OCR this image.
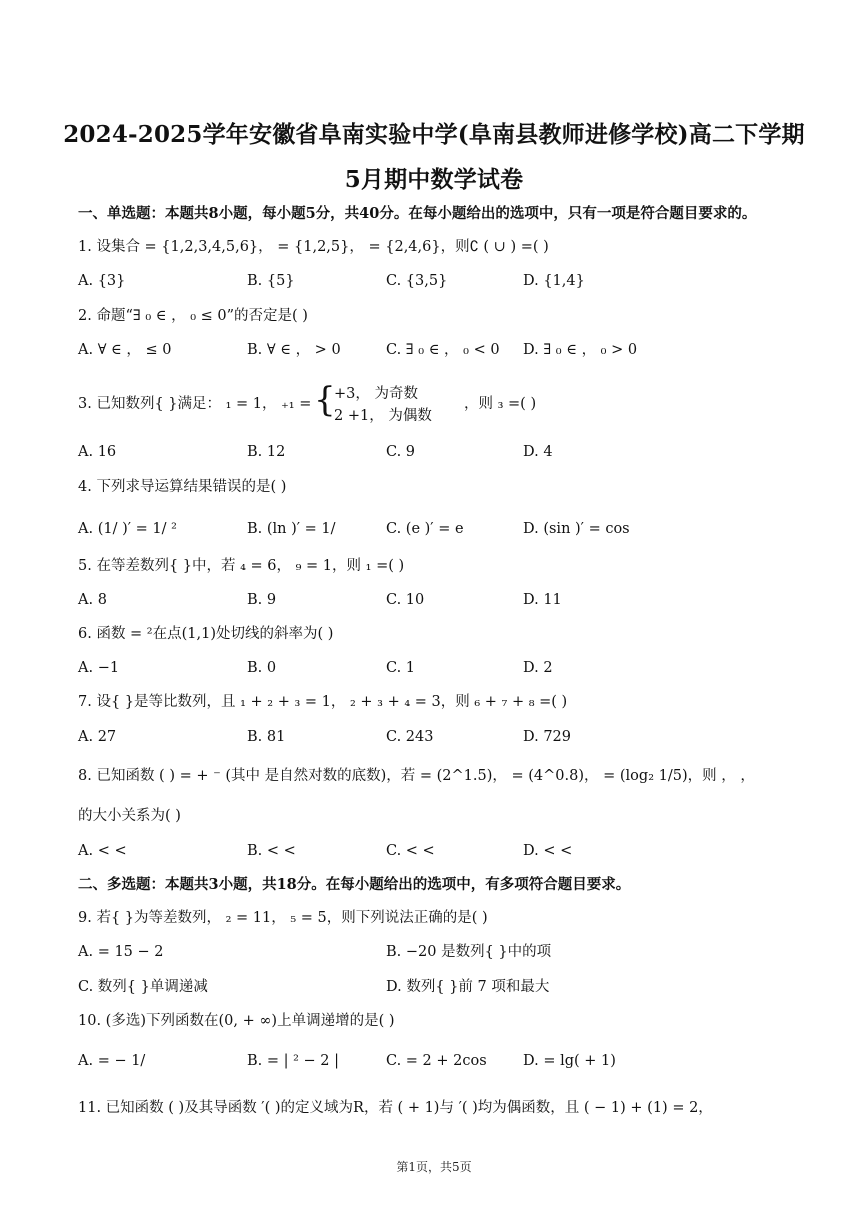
2024-2025学年安徽省阜南实验中学(阜南县教师进修学校)高二下学期
5月期中数学试卷
一、单选题：本题共8小题，每小题5分，共40分。在每小题给出的选项中，只有一项是符合题目要求的。
1. 设集合 = {1,2,3,4,5,6}， = {1,2,5}， = {2,4,6}，则∁ ( ∪ ) =( )
A. {3}	B. {5}	C. {3,5}	D. {1,4}
2. 命题“∃ ₀ ∈ ， ₀ ≤ 0”的否定是( )
A. ∀ ∈ ， ≤ 0	B. ∀ ∈ ， > 0	C. ∃ ₀ ∈ ， ₀ < 0 D. ∃ ₀ ∈ ， ₀ > 0
3. 已知数列{ }满足： ₁ = 1， ₊₁ = {
+3， 为奇数
2 +1， 为偶数
，则 ₃ =( )
A. 16	B. 12	C. 9	D. 4
4. 下列求导运算结果错误的是( )
A. (1/ )′ = 1/ ²	B. (ln )′ = 1/	C. (e )′ = e	D. (sin )′ = cos
5. 在等差数列{ }中，若 ₄ = 6， ₉ = 1，则 ₁ =( )
A. 8	B. 9	C. 10	D. 11
6. 函数 = ²在点(1,1)处切线的斜率为( )
A. −1	B. 0	C. 1	D. 2
7. 设{ }是等比数列，且 ₁ + ₂ + ₃ = 1， ₂ + ₃ + ₄ = 3，则 ₆ + ₇ + ₈ =( )
A. 27	B. 81	C. 243	D. 729
8. 已知函数 ( ) = + ⁻ (其中 是自然对数的底数)，若 = (2^1.5)， = (4^0.8)， = (log₂ 1/5)，则 ， ，
的大小关系为( )
A. < <	B. < <	C. < <	D. < <
二、多选题：本题共3小题，共18分。在每小题给出的选项中，有多项符合题目要求。
9. 若{ }为等差数列， ₂ = 11， ₅ = 5，则下列说法正确的是( )
A. = 15 − 2	B. −20 是数列{ }中的项
C. 数列{ }单调递减	D. 数列{ }前 7 项和最大
10. (多选)下列函数在(0, + ∞)上单调递增的是( )
A. = − 1/	B. = | ² − 2 |	C. = 2 + 2cos	D. = lg( + 1)
11. 已知函数 ( )及其导函数 ′( )的定义域为R，若 ( + 1)与 ′( )均为偶函数，且 ( − 1) + (1) = 2，
第1页，共5页
